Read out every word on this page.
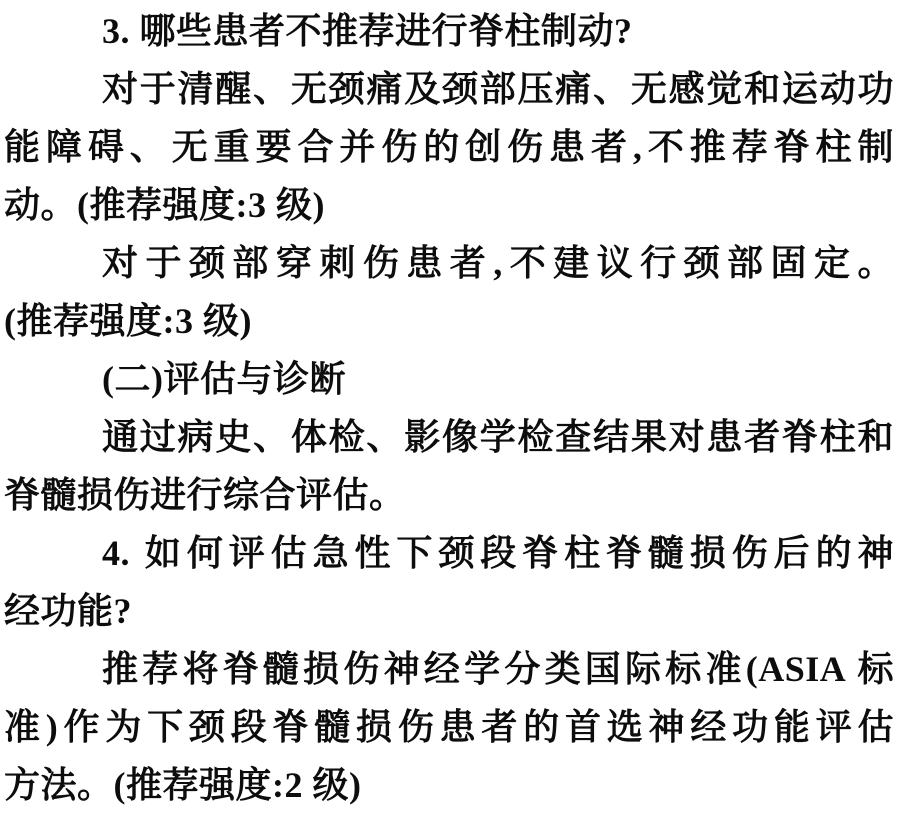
3. 哪些患者不推荐进行脊柱制动?
对于清醒、无颈痛及颈部压痛、无感觉和运动功
能障碍、无重要合并伤的创伤患者,不推荐脊柱制
动。(推荐强度:3 级)
对于颈部穿刺伤患者,不建议行颈部固定。
(推荐强度:3 级)
(二)评估与诊断
通过病史、体检、影像学检查结果对患者脊柱和
脊髓损伤进行综合评估。
4. 如何评估急性下颈段脊柱脊髓损伤后的神
经功能?
推荐将脊髓损伤神经学分类国际标准(ASIA 标
准)作为下颈段脊髓损伤患者的首选神经功能评估
方法。(推荐强度:2 级)
